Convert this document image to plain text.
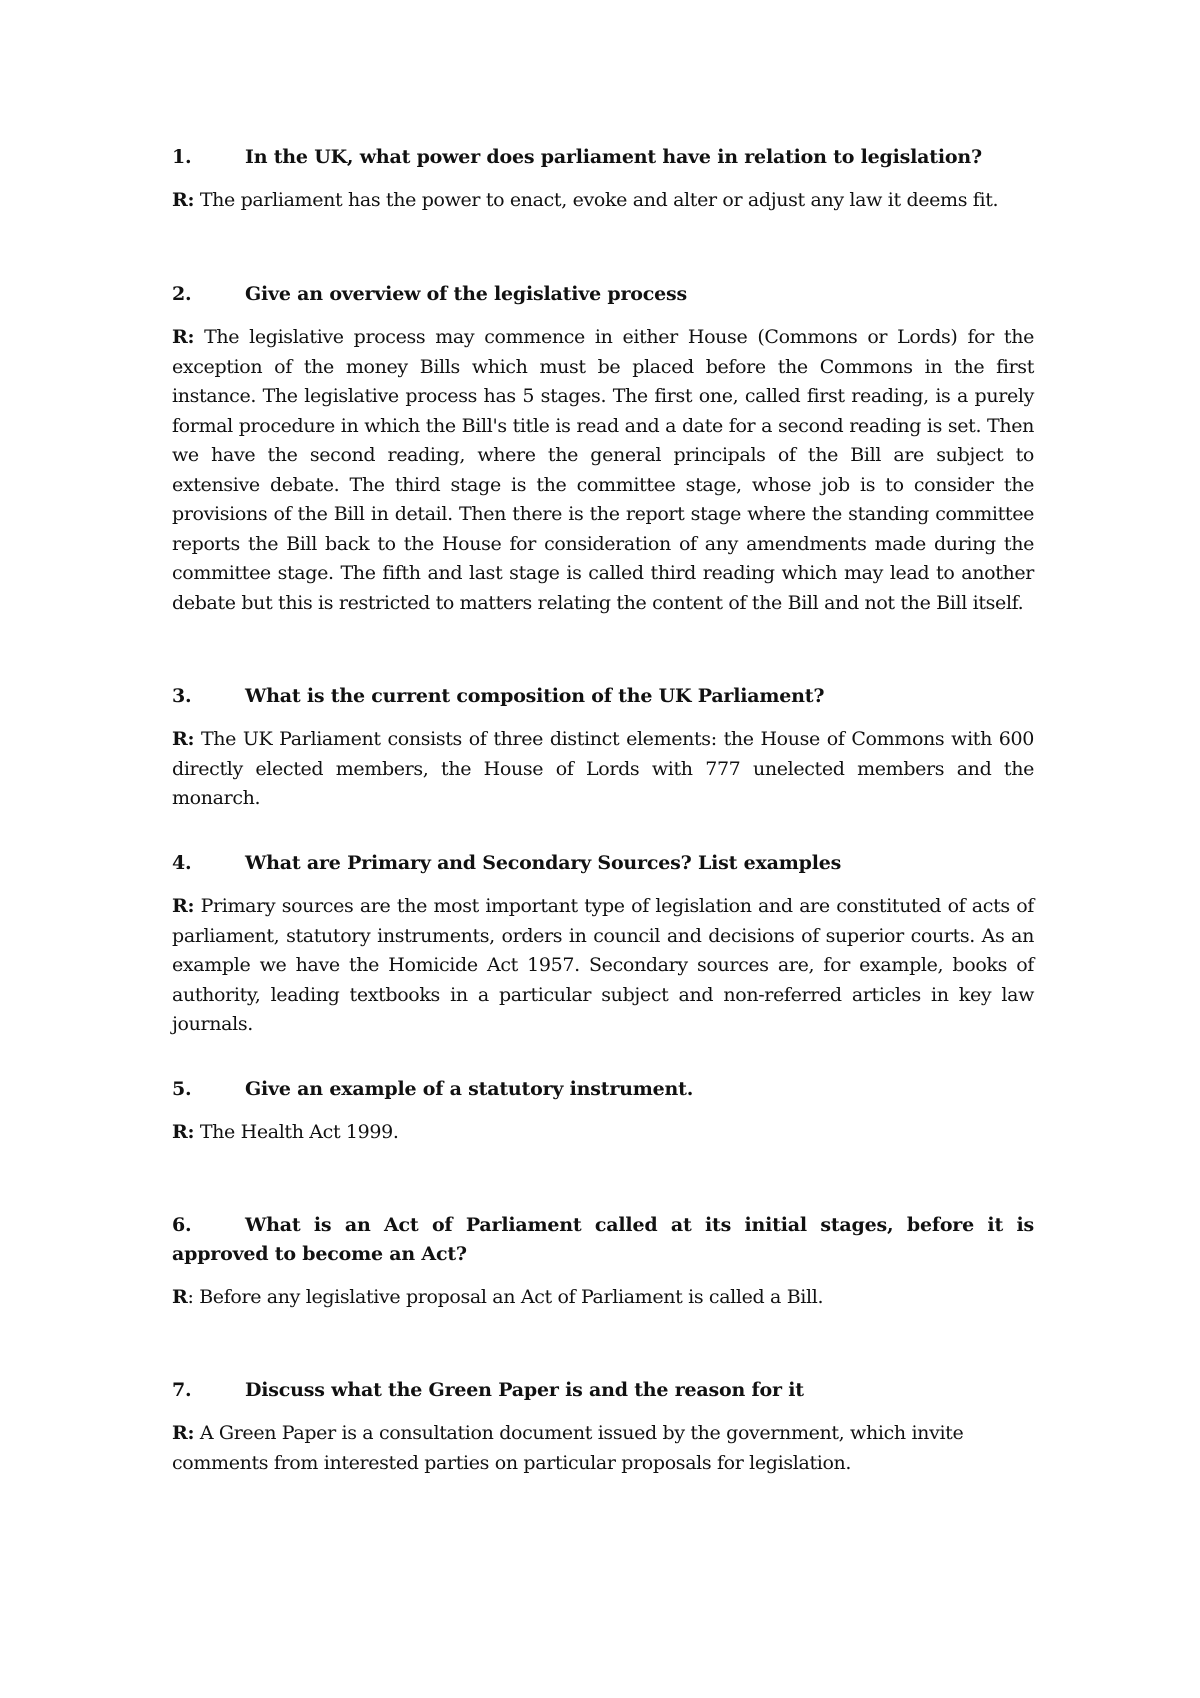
1.	In the UK, what power does parliament have in relation to legislation?

R: The parliament has the power to enact, evoke and alter or adjust any law it deems fit.

2.	Give an overview of the legislative process

R: The legislative process may commence in either House (Commons or Lords) for the exception of the money Bills which must be placed before the Commons in the first instance. The legislative process has 5 stages. The first one, called first reading, is a purely formal procedure in which the Bill's title is read and a date for a second reading is set. Then we have the second reading, where the general principals of the Bill are subject to extensive debate. The third stage is the committee stage, whose job is to consider the provisions of the Bill in detail. Then there is the report stage where the standing committee reports the Bill back to the House for consideration of any amendments made during the committee stage. The fifth and last stage is called third reading which may lead to another debate but this is restricted to matters relating the content of the Bill and not the Bill itself.

3.	What is the current composition of the UK Parliament?

R: The UK Parliament consists of three distinct elements: the House of Commons with 600 directly elected members, the House of Lords with 777 unelected members and the monarch.

4.	What are Primary and Secondary Sources? List examples

R: Primary sources are the most important type of legislation and are constituted of acts of parliament, statutory instruments, orders in council and decisions of superior courts. As an example we have the Homicide Act 1957. Secondary sources are, for example, books of authority, leading textbooks in a particular subject and non-referred articles in key law journals.

5.	Give an example of a statutory instrument.

R: The Health Act 1999.

6.	What is an Act of Parliament called at its initial stages, before it is approved to become an Act?

R: Before any legislative proposal an Act of Parliament is called a Bill.

7.	Discuss what the Green Paper is and the reason for it

R: A Green Paper is a consultation document issued by the government, which invite comments from interested parties on particular proposals for legislation.
